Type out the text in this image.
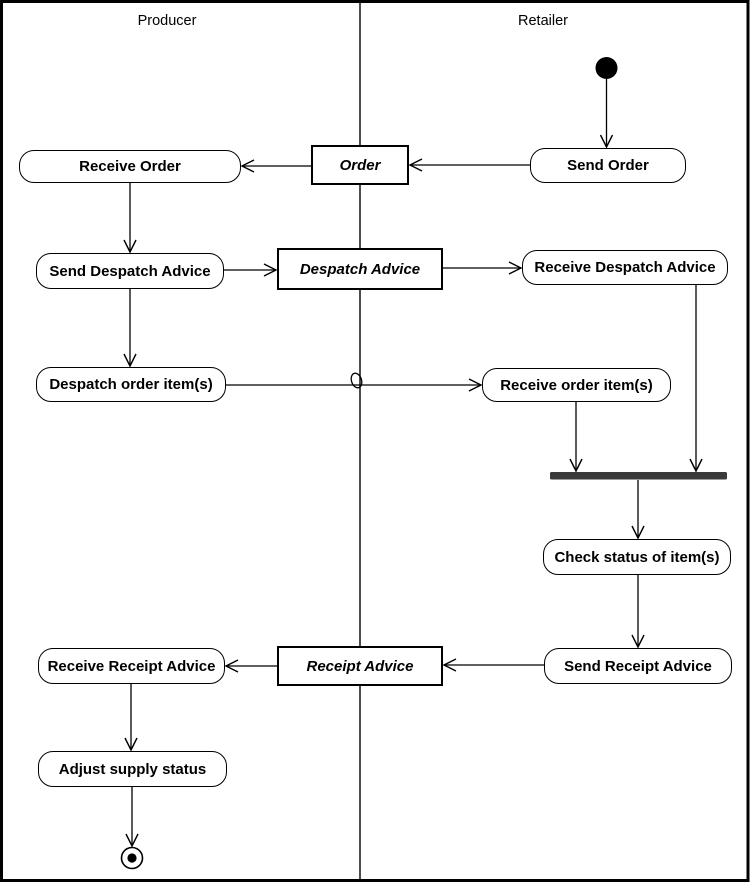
Producer	Retailer
Receive Order	Send Order
Send Despatch Advice	Receive Despatch Advice
Despatch order item(s)	Receive order item(s)
Check status of item(s)
Send Receipt Advice
Receive Receipt Advice
Adjust supply status
Order
Despatch Advice
Receipt Advice
